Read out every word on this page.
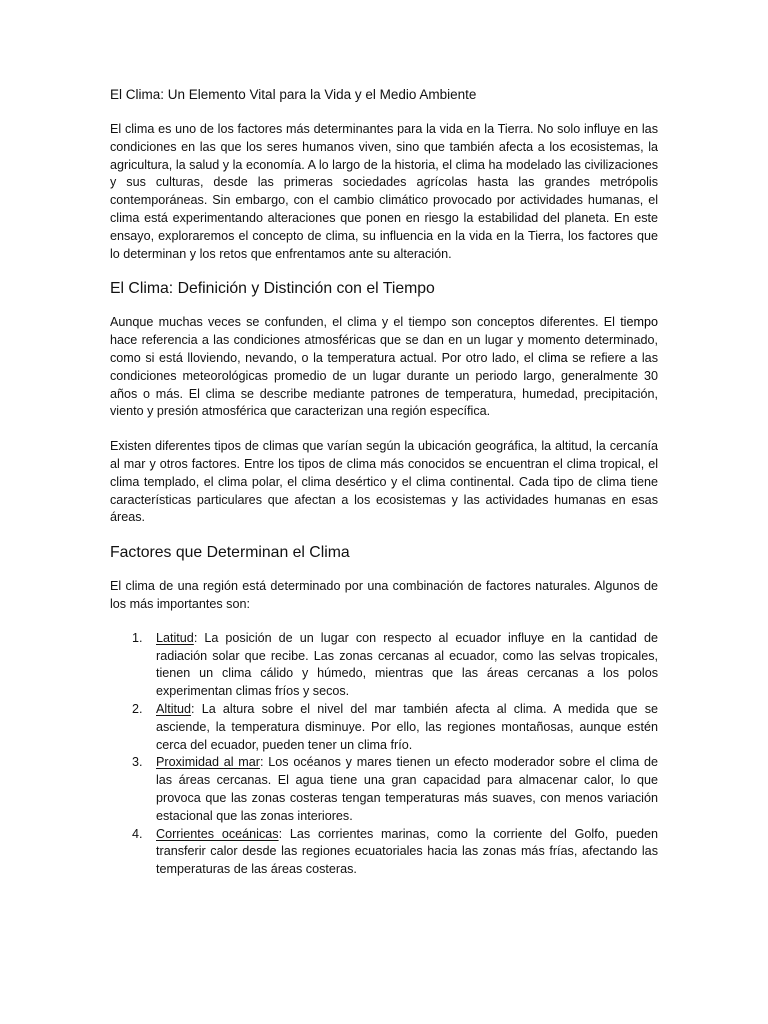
El Clima: Un Elemento Vital para la Vida y el Medio Ambiente

El clima es uno de los factores más determinantes para la vida en la Tierra. No solo influye en las condiciones en las que los seres humanos viven, sino que también afecta a los ecosistemas, la agricultura, la salud y la economía. A lo largo de la historia, el clima ha modelado las civilizaciones y sus culturas, desde las primeras sociedades agrícolas hasta las grandes metrópolis contemporáneas. Sin embargo, con el cambio climático provocado por actividades humanas, el clima está experimentando alteraciones que ponen en riesgo la estabilidad del planeta. En este ensayo, exploraremos el concepto de clima, su influencia en la vida en la Tierra, los factores que lo determinan y los retos que enfrentamos ante su alteración.

El Clima: Definición y Distinción con el Tiempo

Aunque muchas veces se confunden, el clima y el tiempo son conceptos diferentes. El tiempo hace referencia a las condiciones atmosféricas que se dan en un lugar y momento determinado, como si está lloviendo, nevando, o la temperatura actual. Por otro lado, el clima se refiere a las condiciones meteorológicas promedio de un lugar durante un periodo largo, generalmente 30 años o más. El clima se describe mediante patrones de temperatura, humedad, precipitación, viento y presión atmosférica que caracterizan una región específica.

Existen diferentes tipos de climas que varían según la ubicación geográfica, la altitud, la cercanía al mar y otros factores. Entre los tipos de clima más conocidos se encuentran el clima tropical, el clima templado, el clima polar, el clima desértico y el clima continental. Cada tipo de clima tiene características particulares que afectan a los ecosistemas y las actividades humanas en esas áreas.

Factores que Determinan el Clima

El clima de una región está determinado por una combinación de factores naturales. Algunos de los más importantes son:

1. Latitud: La posición de un lugar con respecto al ecuador influye en la cantidad de radiación solar que recibe. Las zonas cercanas al ecuador, como las selvas tropicales, tienen un clima cálido y húmedo, mientras que las áreas cercanas a los polos experimentan climas fríos y secos.
2. Altitud: La altura sobre el nivel del mar también afecta al clima. A medida que se asciende, la temperatura disminuye. Por ello, las regiones montañosas, aunque estén cerca del ecuador, pueden tener un clima frío.
3. Proximidad al mar: Los océanos y mares tienen un efecto moderador sobre el clima de las áreas cercanas. El agua tiene una gran capacidad para almacenar calor, lo que provoca que las zonas costeras tengan temperaturas más suaves, con menos variación estacional que las zonas interiores.
4. Corrientes oceánicas: Las corrientes marinas, como la corriente del Golfo, pueden transferir calor desde las regiones ecuatoriales hacia las zonas más frías, afectando las temperaturas de las áreas costeras.
